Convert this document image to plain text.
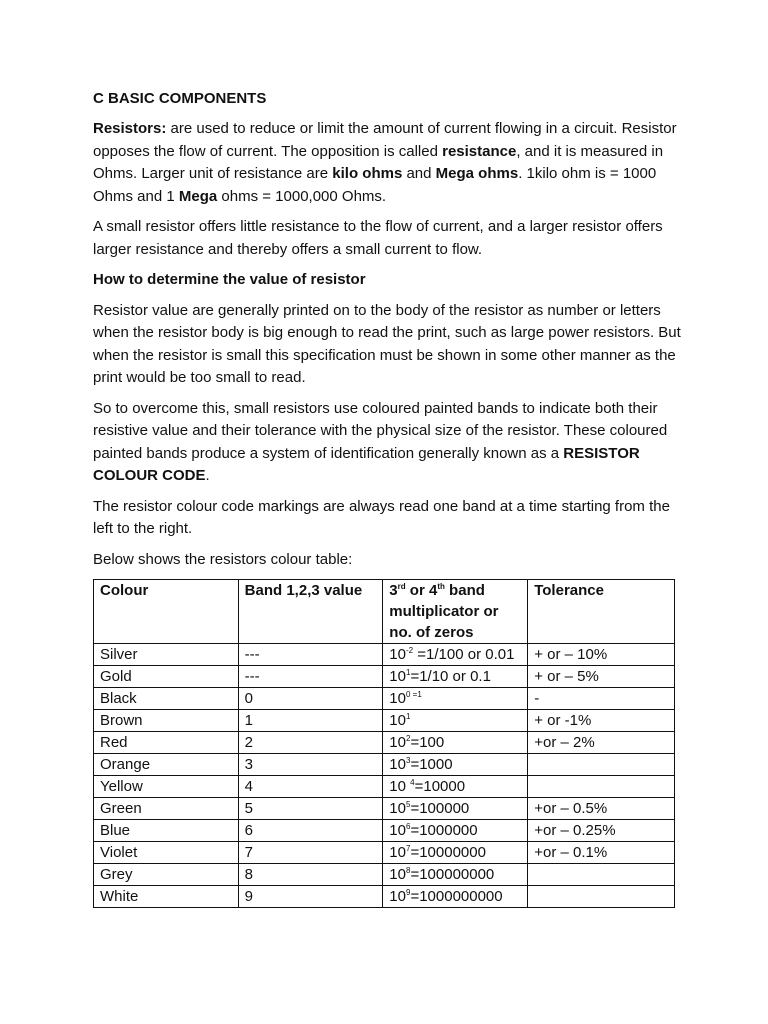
C BASIC COMPONENTS

Resistors: are used to reduce or limit the amount of current flowing in a circuit. Resistor opposes the flow of current. The opposition is called resistance, and it is measured in Ohms. Larger unit of resistance are kilo ohms and Mega ohms. 1kilo ohm is = 1000 Ohms and 1 Mega ohms = 1000,000 Ohms.

A small resistor offers little resistance to the flow of current, and a larger resistor offers larger resistance and thereby offers a small current to flow.

How to determine the value of resistor

Resistor value are generally printed on to the body of the resistor as number or letters when the resistor body is big enough to read the print, such as large power resistors. But when the resistor is small this specification must be shown in some other manner as the print would be too small to read.

So to overcome this, small resistors use coloured painted bands to indicate both their resistive value and their tolerance with the physical size of the resistor. These coloured painted bands produce a system of identification generally known as a RESISTOR COLOUR CODE.

The resistor colour code markings are always read one band at a time starting from the left to the right.

Below shows the resistors colour table:

Colour	Band 1,2,3 value	3rd or 4th band multiplicator or no. of zeros	Tolerance
Silver	---	$10^{-2} =1/100$ or 0.01	+ or – 10%
Gold	---	$10^1=1/10$ or 0.1	+ or – 5%
Black	0	$10^{0 =1}$	-
Brown	1	$10^1$	+ or -1%
Red	2	$10^2=100$	+or – 2%
Orange	3	$10^3=1000$	
Yellow	4	10 $^4$=10000	
Green	5	$10^5=100000$	+or – 0.5%
Blue	6	$10^6=1000000$	+or – 0.25%
Violet	7	$10^7=10000000$	+or – 0.1%
Grey	8	$10^8=100000000$	
White	9	$10^9=1000000000$	
